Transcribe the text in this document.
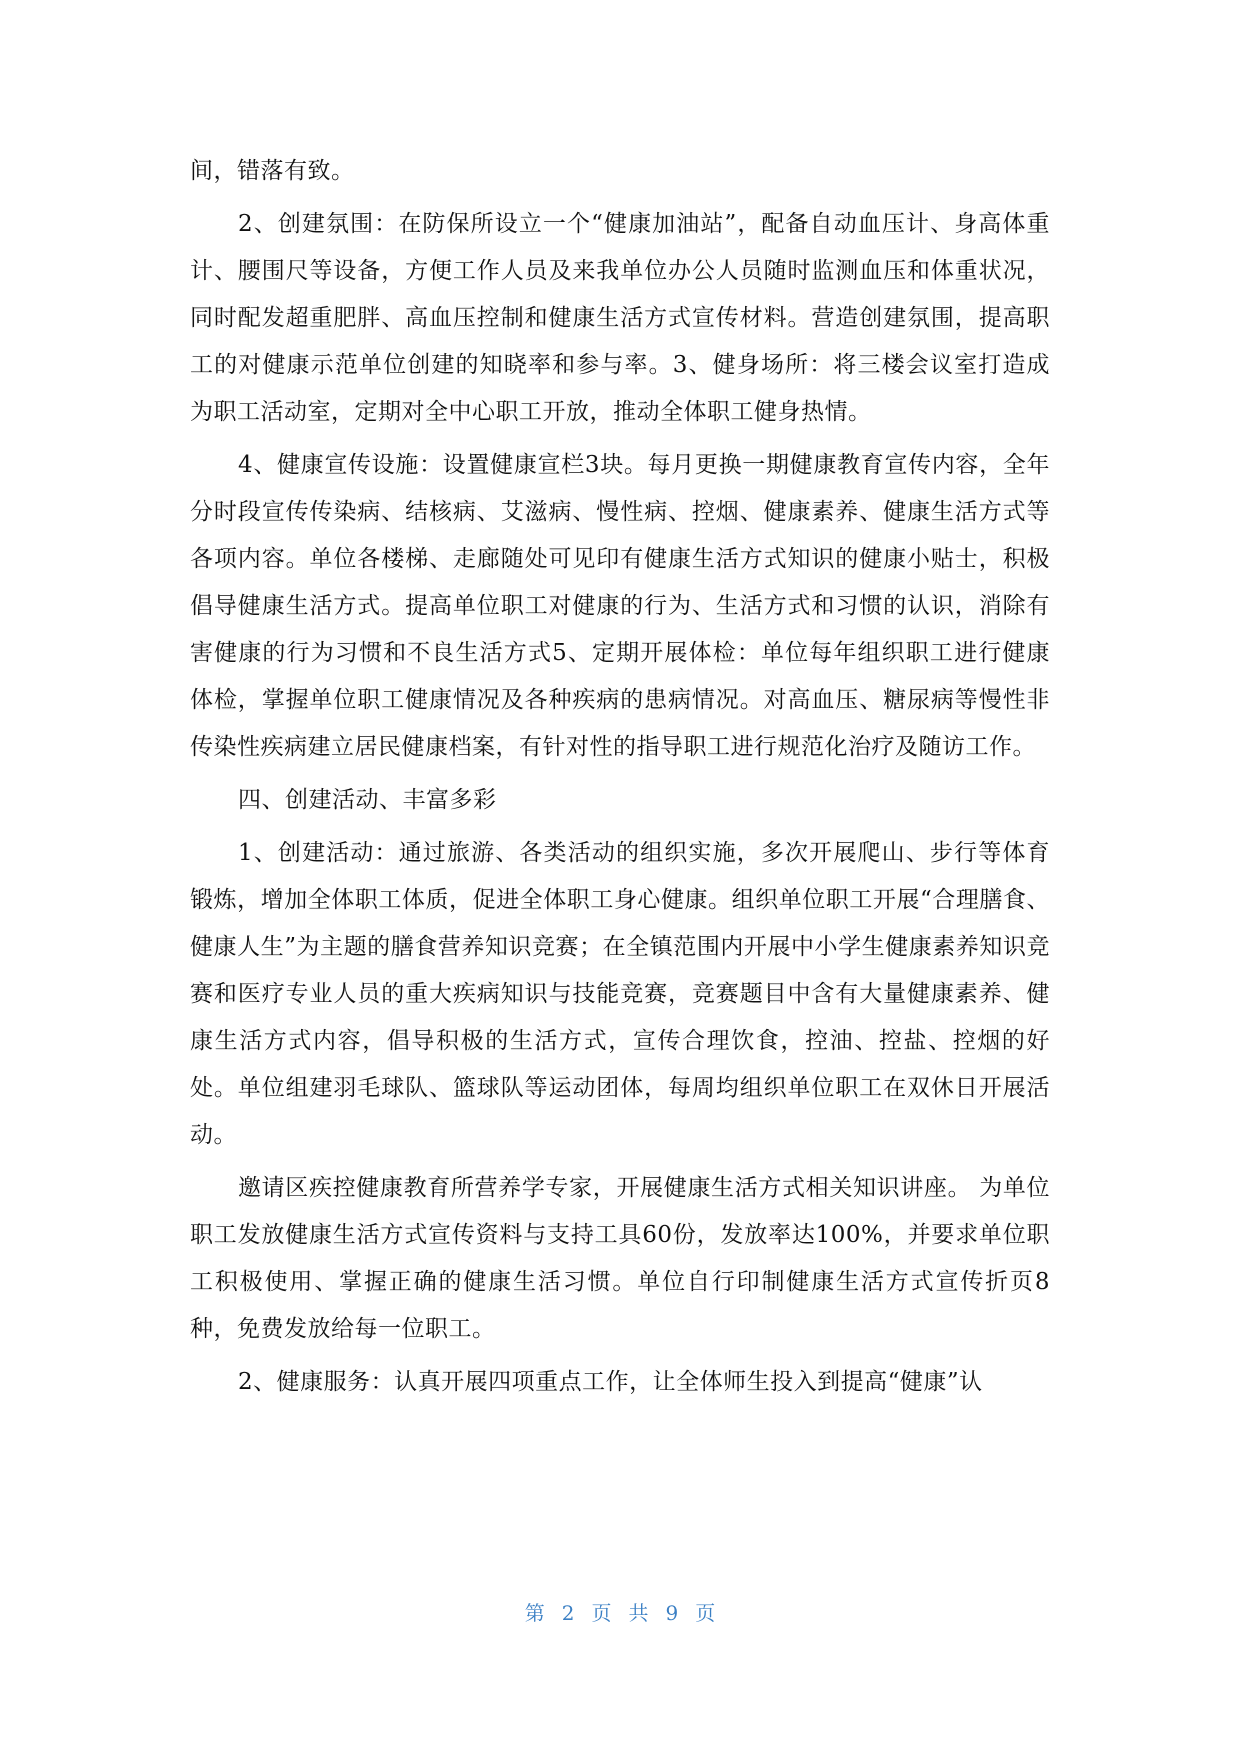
间，错落有致。

2、创建氛围：在防保所设立一个“健康加油站”，配备自动血压计、身高体重计、腰围尺等设备，方便工作人员及来我单位办公人员随时监测血压和体重状况，同时配发超重肥胖、高血压控制和健康生活方式宣传材料。营造创建氛围，提高职工的对健康示范单位创建的知晓率和参与率。3、健身场所：将三楼会议室打造成为职工活动室，定期对全中心职工开放，推动全体职工健身热情。

4、健康宣传设施：设置健康宣栏3块。每月更换一期健康教育宣传内容，全年分时段宣传传染病、结核病、艾滋病、慢性病、控烟、健康素养、健康生活方式等各项内容。单位各楼梯、走廊随处可见印有健康生活方式知识的健康小贴士，积极倡导健康生活方式。提高单位职工对健康的行为、生活方式和习惯的认识，消除有害健康的行为习惯和不良生活方式5、定期开展体检：单位每年组织职工进行健康体检，掌握单位职工健康情况及各种疾病的患病情况。对高血压、糖尿病等慢性非传染性疾病建立居民健康档案，有针对性的指导职工进行规范化治疗及随访工作。

四、创建活动、丰富多彩

1、创建活动：通过旅游、各类活动的组织实施，多次开展爬山、步行等体育锻炼，增加全体职工体质，促进全体职工身心健康。组织单位职工开展“合理膳食、健康人生”为主题的膳食营养知识竞赛；在全镇范围内开展中小学生健康素养知识竞赛和医疗专业人员的重大疾病知识与技能竞赛，竞赛题目中含有大量健康素养、健康生活方式内容，倡导积极的生活方式，宣传合理饮食，控油、控盐、控烟的好处。单位组建羽毛球队、篮球队等运动团体，每周均组织单位职工在双休日开展活动。

邀请区疾控健康教育所营养学专家，开展健康生活方式相关知识讲座。 为单位职工发放健康生活方式宣传资料与支持工具60份，发放率达100%，并要求单位职工积极使用、掌握正确的健康生活习惯。单位自行印制健康生活方式宣传折页8种，免费发放给每一位职工。

2、健康服务：认真开展四项重点工作，让全体师生投入到提高“健康”认

第 2 页 共 9 页
